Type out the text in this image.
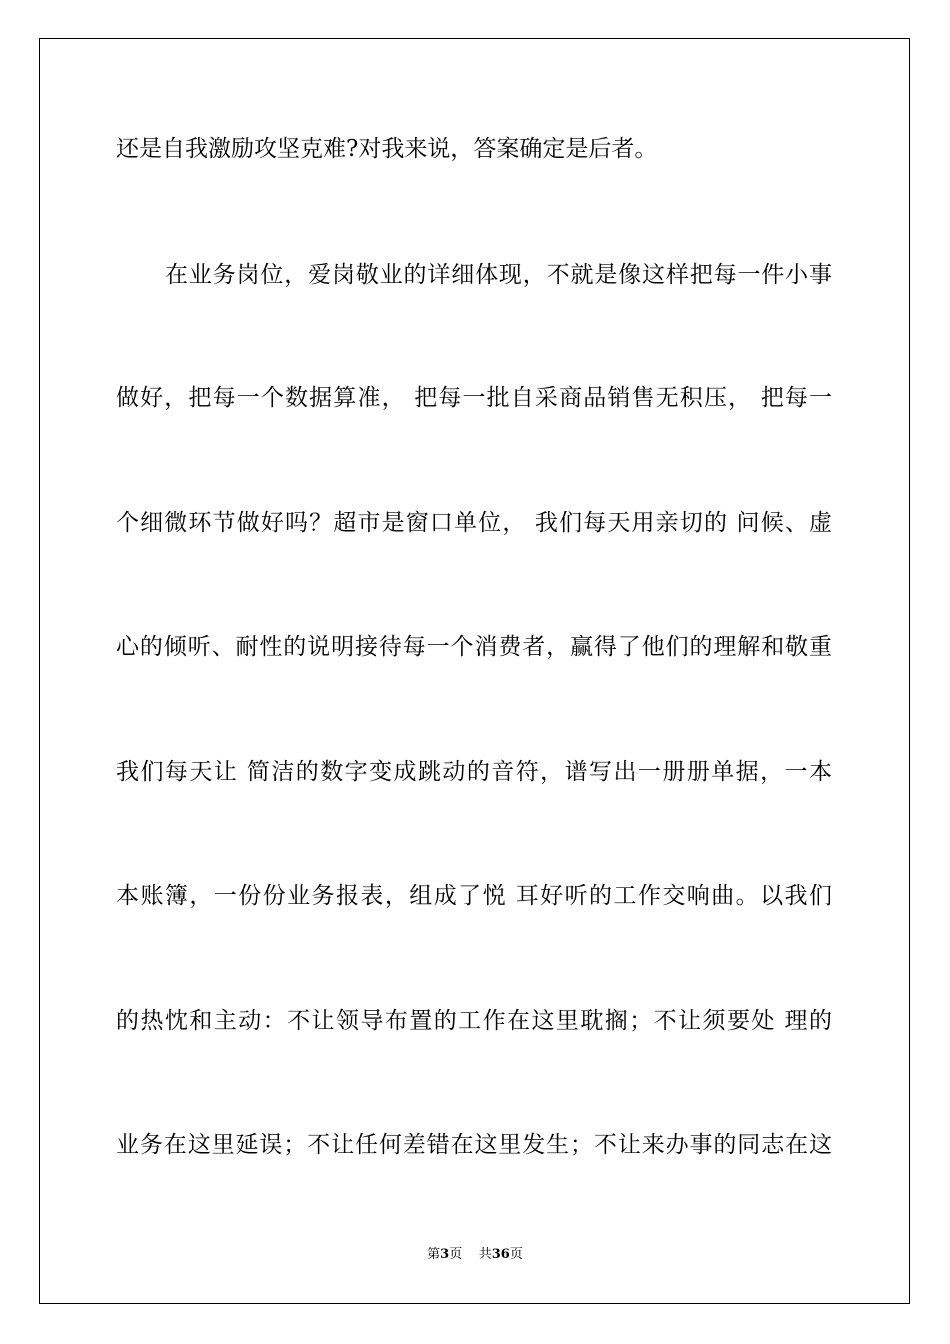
还是自我激励攻坚克难?对我来说，答案确定是后者。
在业务岗位，爱岗敬业的详细体现，不就是像这样把每一件小事
做好，把每一个数据算准， 把每一批自采商品销售无积压， 把每一
个细微环节做好吗？超市是窗口单位， 我们每天用亲切的 问候、虚
心的倾听、耐性的说明接待每一个消费者，赢得了他们的理解和敬重
我们每天让 简洁的数字变成跳动的音符，谱写出一册册单据，一本
本账簿，一份份业务报表，组成了悦 耳好听的工作交响曲。以我们
的热忱和主动：不让领导布置的工作在这里耽搁；不让须要处 理的
业务在这里延误；不让任何差错在这里发生；不让来办事的同志在这
第3页 共36页
